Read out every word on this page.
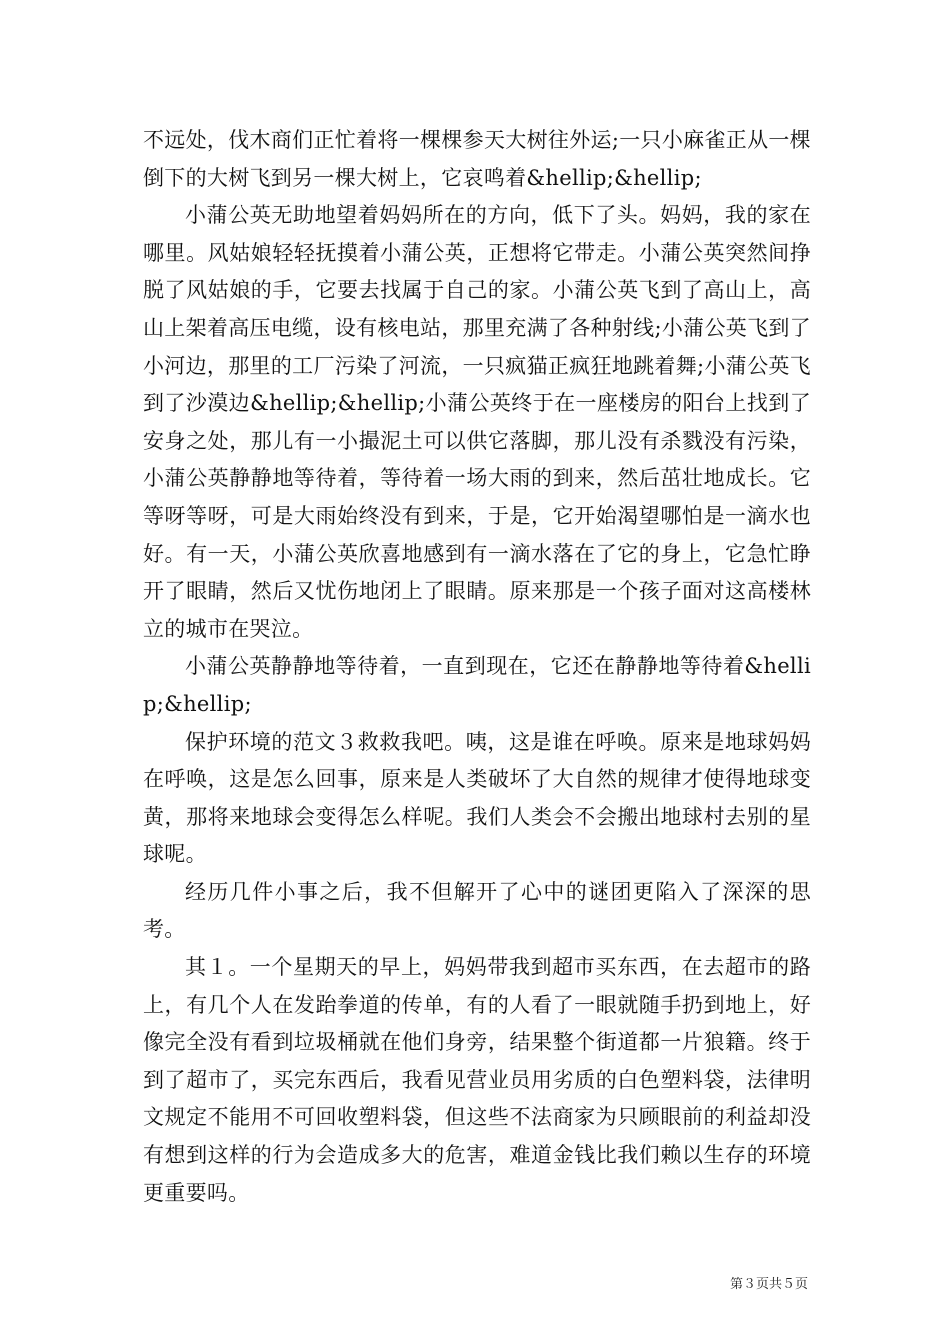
不远处，伐木商们正忙着将一棵棵参天大树往外运;一只小麻雀正从一棵倒下的大树飞到另一棵大树上，它哀鸣着&hellip;&hellip;

小蒲公英无助地望着妈妈所在的方向，低下了头。妈妈，我的家在哪里。风姑娘轻轻抚摸着小蒲公英，正想将它带走。小蒲公英突然间挣脱了风姑娘的手，它要去找属于自己的家。小蒲公英飞到了高山上，高山上架着高压电缆，设有核电站，那里充满了各种射线;小蒲公英飞到了小河边，那里的工厂污染了河流，一只疯猫正疯狂地跳着舞;小蒲公英飞到了沙漠边&hellip;&hellip;小蒲公英终于在一座楼房的阳台上找到了安身之处，那儿有一小撮泥土可以供它落脚，那儿没有杀戮没有污染，小蒲公英静静地等待着，等待着一场大雨的到来，然后茁壮地成长。它等呀等呀，可是大雨始终没有到来，于是，它开始渴望哪怕是一滴水也好。有一天，小蒲公英欣喜地感到有一滴水落在了它的身上，它急忙睁开了眼睛，然后又忧伤地闭上了眼睛。原来那是一个孩子面对这高楼林立的城市在哭泣。

小蒲公英静静地等待着，一直到现在，它还在静静地等待着&hellip;&hellip;

保护环境的范文３救救我吧。咦，这是谁在呼唤。原来是地球妈妈在呼唤，这是怎么回事，原来是人类破坏了大自然的规律才使得地球变黄，那将来地球会变得怎么样呢。我们人类会不会搬出地球村去别的星球呢。

经历几件小事之后，我不但解开了心中的谜团更陷入了深深的思考。

其１。一个星期天的早上，妈妈带我到超市买东西，在去超市的路上，有几个人在发跆拳道的传单，有的人看了一眼就随手扔到地上，好像完全没有看到垃圾桶就在他们身旁，结果整个街道都一片狼籍。终于到了超市了，买完东西后，我看见营业员用劣质的白色塑料袋，法律明文规定不能用不可回收塑料袋，但这些不法商家为只顾眼前的利益却没有想到这样的行为会造成多大的危害，难道金钱比我们赖以生存的环境更重要吗。

第３页共５页
